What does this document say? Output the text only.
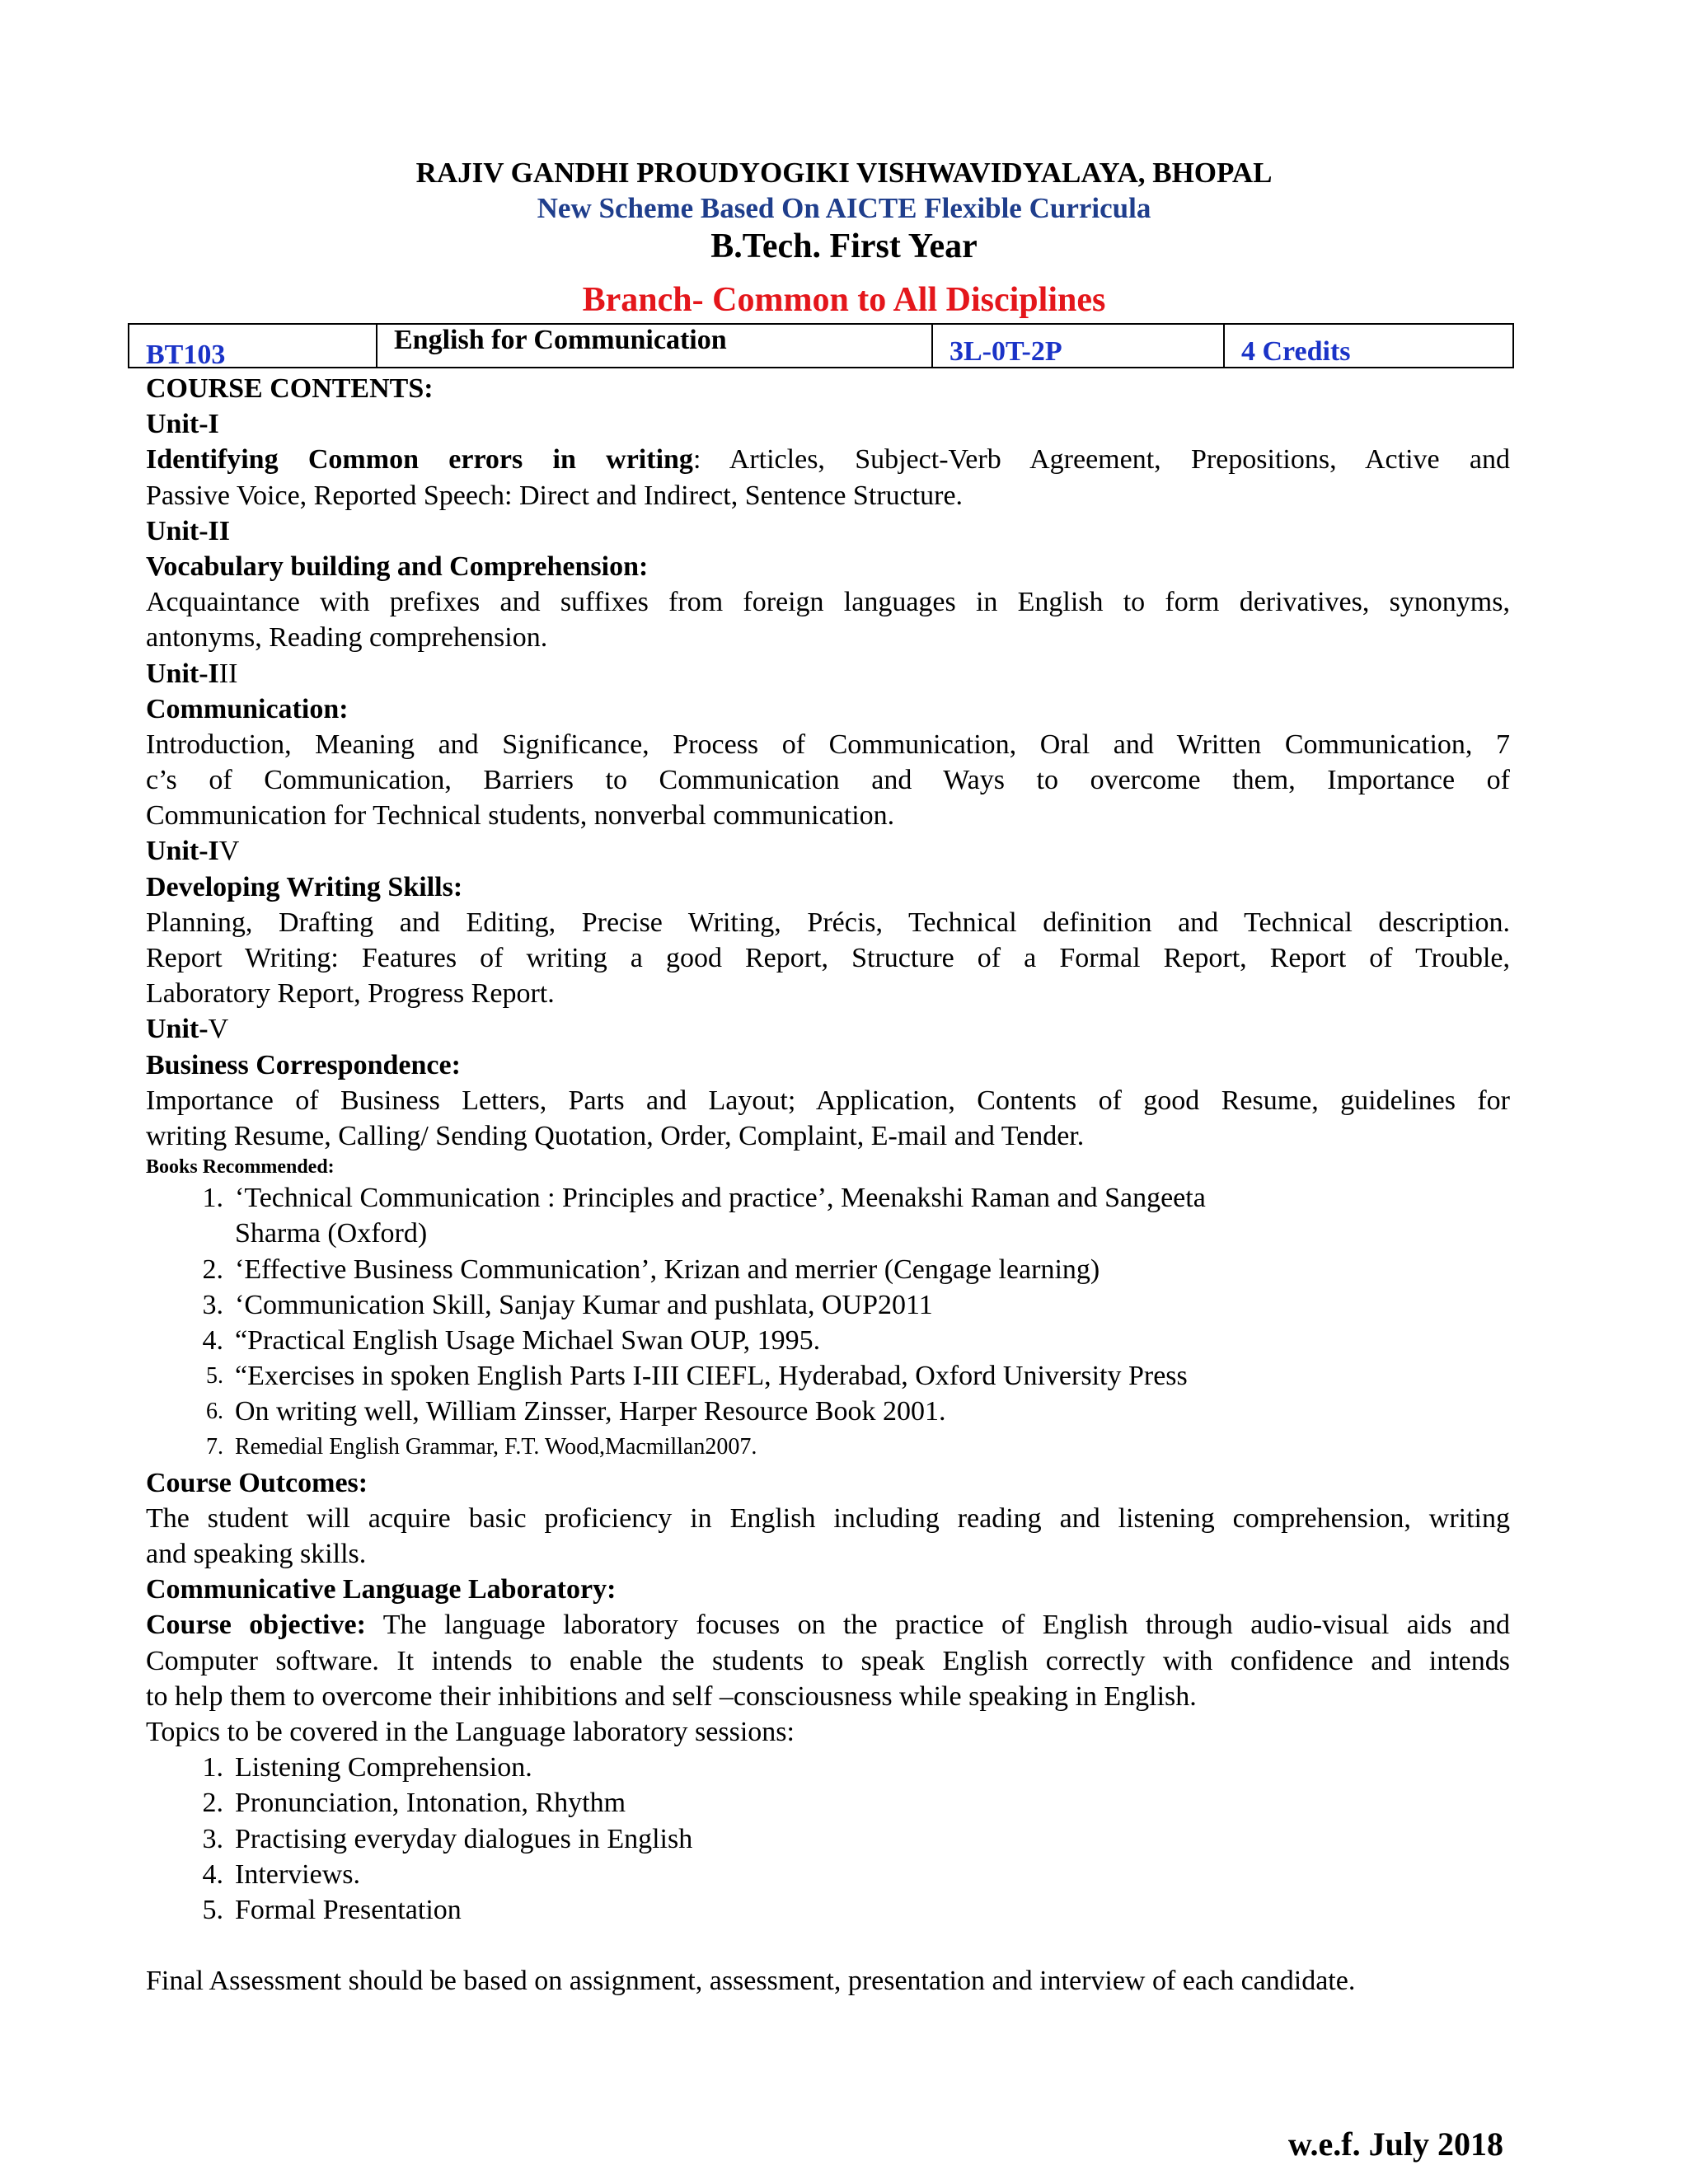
RAJIV GANDHI PROUDYOGIKI VISHWAVIDYALAYA, BHOPAL
New Scheme Based On AICTE Flexible Curricula
B.Tech. First Year
Branch- Common to All Disciplines
BT103	English for Communication	3L-0T-2P	4 Credits
COURSE CONTENTS:
Unit-I
Identifying Common errors in writing: Articles, Subject-Verb Agreement, Prepositions, Active and
Passive Voice, Reported Speech: Direct and Indirect, Sentence Structure.
Unit-II
Vocabulary building and Comprehension:
Acquaintance with prefixes and suffixes from foreign languages in English to form derivatives, synonyms,
antonyms, Reading comprehension.
Unit-III
Communication:
Introduction, Meaning and Significance, Process of Communication, Oral and Written Communication, 7
c’s of Communication, Barriers to Communication and Ways to overcome them, Importance of
Communication for Technical students, nonverbal communication.
Unit-IV
Developing Writing Skills:
Planning, Drafting and Editing, Precise Writing, Précis, Technical definition and Technical description.
Report Writing: Features of writing a good Report, Structure of a Formal Report, Report of Trouble,
Laboratory Report, Progress Report.
Unit-V
Business Correspondence:
Importance of Business Letters, Parts and Layout; Application, Contents of good Resume, guidelines for
writing Resume, Calling/ Sending Quotation, Order, Complaint, E-mail and Tender.
Books Recommended:
1. ‘Technical Communication : Principles and practice’, Meenakshi Raman and Sangeeta
Sharma (Oxford)
2. ‘Effective Business Communication’, Krizan and merrier (Cengage learning)
3. ‘Communication Skill, Sanjay Kumar and pushlata, OUP2011
4. “Practical English Usage Michael Swan OUP, 1995.
5. “Exercises in spoken English Parts I-III CIEFL, Hyderabad, Oxford University Press
6. On writing well, William Zinsser, Harper Resource Book 2001.
7. Remedial English Grammar, F.T. Wood,Macmillan2007.
Course Outcomes:
The student will acquire basic proficiency in English including reading and listening comprehension, writing
and speaking skills.
Communicative Language Laboratory:
Course objective: The language laboratory focuses on the practice of English through audio-visual aids and
Computer software. It intends to enable the students to speak English correctly with confidence and intends
to help them to overcome their inhibitions and self –consciousness while speaking in English.
Topics to be covered in the Language laboratory sessions:
1. Listening Comprehension.
2. Pronunciation, Intonation, Rhythm
3. Practising everyday dialogues in English
4. Interviews.
5. Formal Presentation
Final Assessment should be based on assignment, assessment, presentation and interview of each candidate.
w.e.f. July 2018
